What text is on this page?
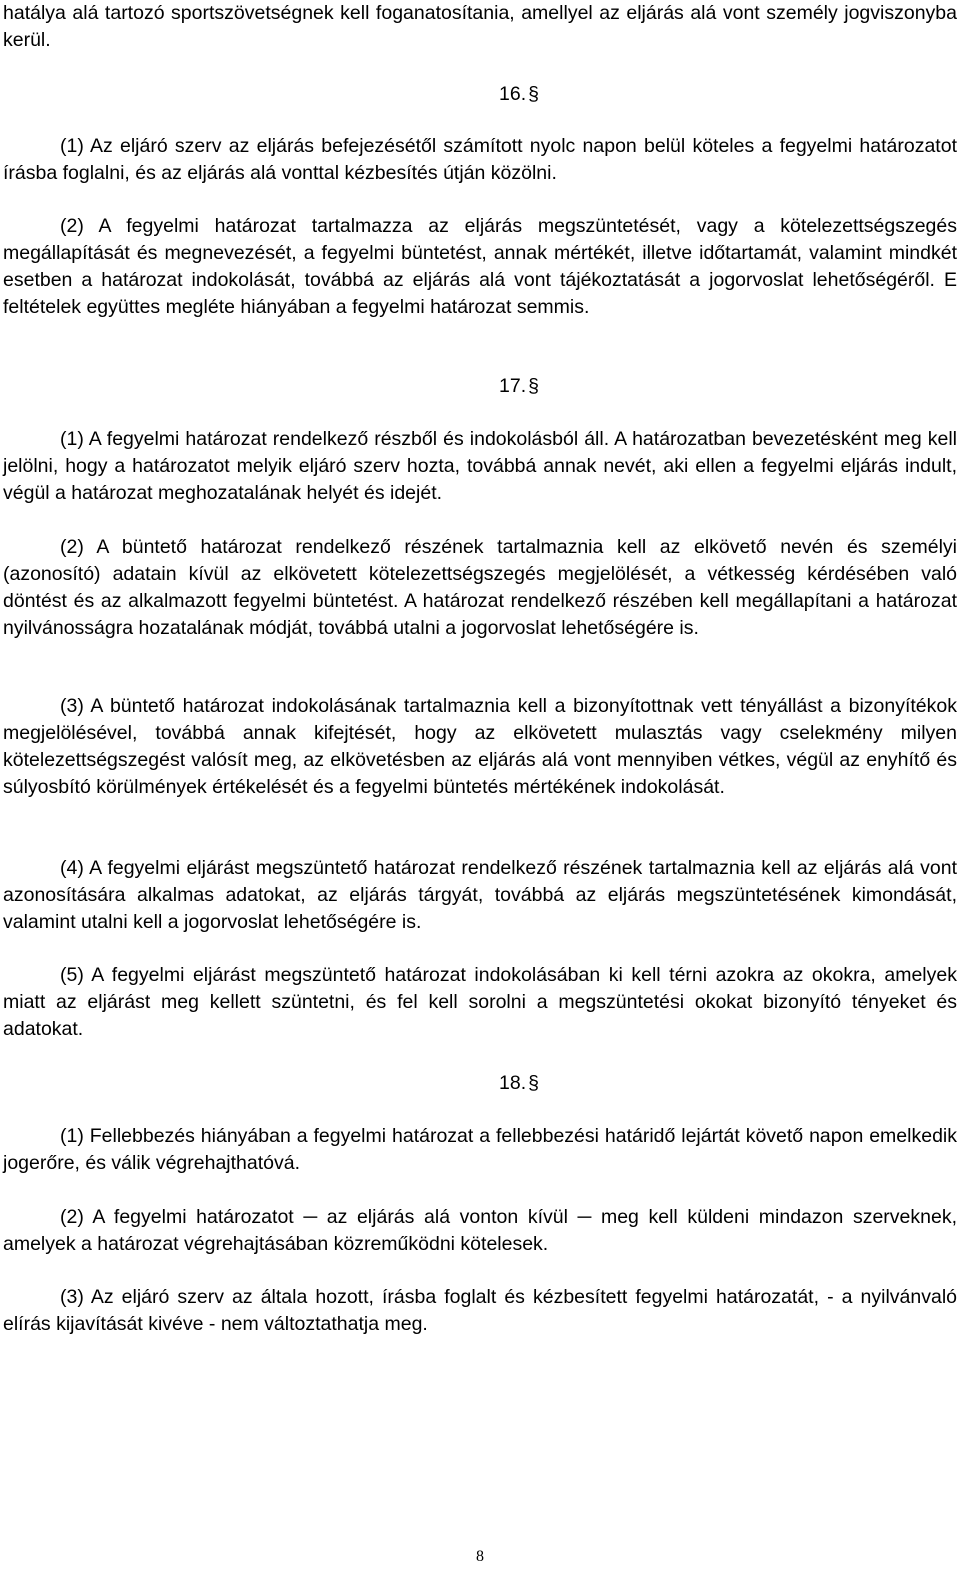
hatálya alá tartozó sportszövetségnek kell foganatosítania, amellyel az eljárás alá vont személy jogviszonyba kerül.

16. §

(1) Az eljáró szerv az eljárás befejezésétől számított nyolc napon belül köteles a fegyelmi határozatot írásba foglalni, és az eljárás alá vonttal kézbesítés útján közölni.

(2) A fegyelmi határozat tartalmazza az eljárás megszüntetését, vagy a kötelezettségszegés megállapítását és megnevezését, a fegyelmi büntetést, annak mértékét, illetve időtartamát, valamint mindkét esetben a határozat indokolását, továbbá az eljárás alá vont tájékoztatását a jogorvoslat lehetőségéről. E feltételek együttes megléte hiányában a fegyelmi határozat semmis.

17. §

(1) A fegyelmi határozat rendelkező részből és indokolásból áll. A határozatban bevezetésként meg kell jelölni, hogy a határozatot melyik eljáró szerv hozta, továbbá annak nevét, aki ellen a fegyelmi eljárás indult, végül a határozat meghozatalának helyét és idejét.

(2) A büntető határozat rendelkező részének tartalmaznia kell az elkövető nevén és személyi (azonosító) adatain kívül az elkövetett kötelezettségszegés megjelölését, a vétkesség kérdésében való döntést és az alkalmazott fegyelmi büntetést. A határozat rendelkező részében kell megállapítani a határozat nyilvánosságra hozatalának módját, továbbá utalni a jogorvoslat lehetőségére is.

(3) A büntető határozat indokolásának tartalmaznia kell a bizonyítottnak vett tényállást a bizonyítékok megjelölésével, továbbá annak kifejtését, hogy az elkövetett mulasztás vagy cselekmény milyen kötelezettségszegést valósít meg, az elkövetésben az eljárás alá vont mennyiben vétkes, végül az enyhítő és súlyosbító körülmények értékelését és a fegyelmi büntetés mértékének indokolását.

(4) A fegyelmi eljárást megszüntető határozat rendelkező részének tartalmaznia kell az eljárás alá vont azonosítására alkalmas adatokat, az eljárás tárgyát, továbbá az eljárás megszüntetésének kimondását, valamint utalni kell a jogorvoslat lehetőségére is.

(5) A fegyelmi eljárást megszüntető határozat indokolásában ki kell térni azokra az okokra, amelyek miatt az eljárást meg kellett szüntetni, és fel kell sorolni a megszüntetési okokat bizonyító tényeket és adatokat.

18. §

(1) Fellebbezés hiányában a fegyelmi határozat a fellebbezési határidő lejártát követő napon emelkedik jogerőre, és válik végrehajthatóvá.

(2) A fegyelmi határozatot ─ az eljárás alá vonton kívül ─ meg kell küldeni mindazon szerveknek, amelyek a határozat végrehajtásában közreműködni kötelesek.

(3) Az eljáró szerv az általa hozott, írásba foglalt és kézbesített fegyelmi határozatát, - a nyilvánvaló elírás kijavítását kivéve - nem változtathatja meg.

8
